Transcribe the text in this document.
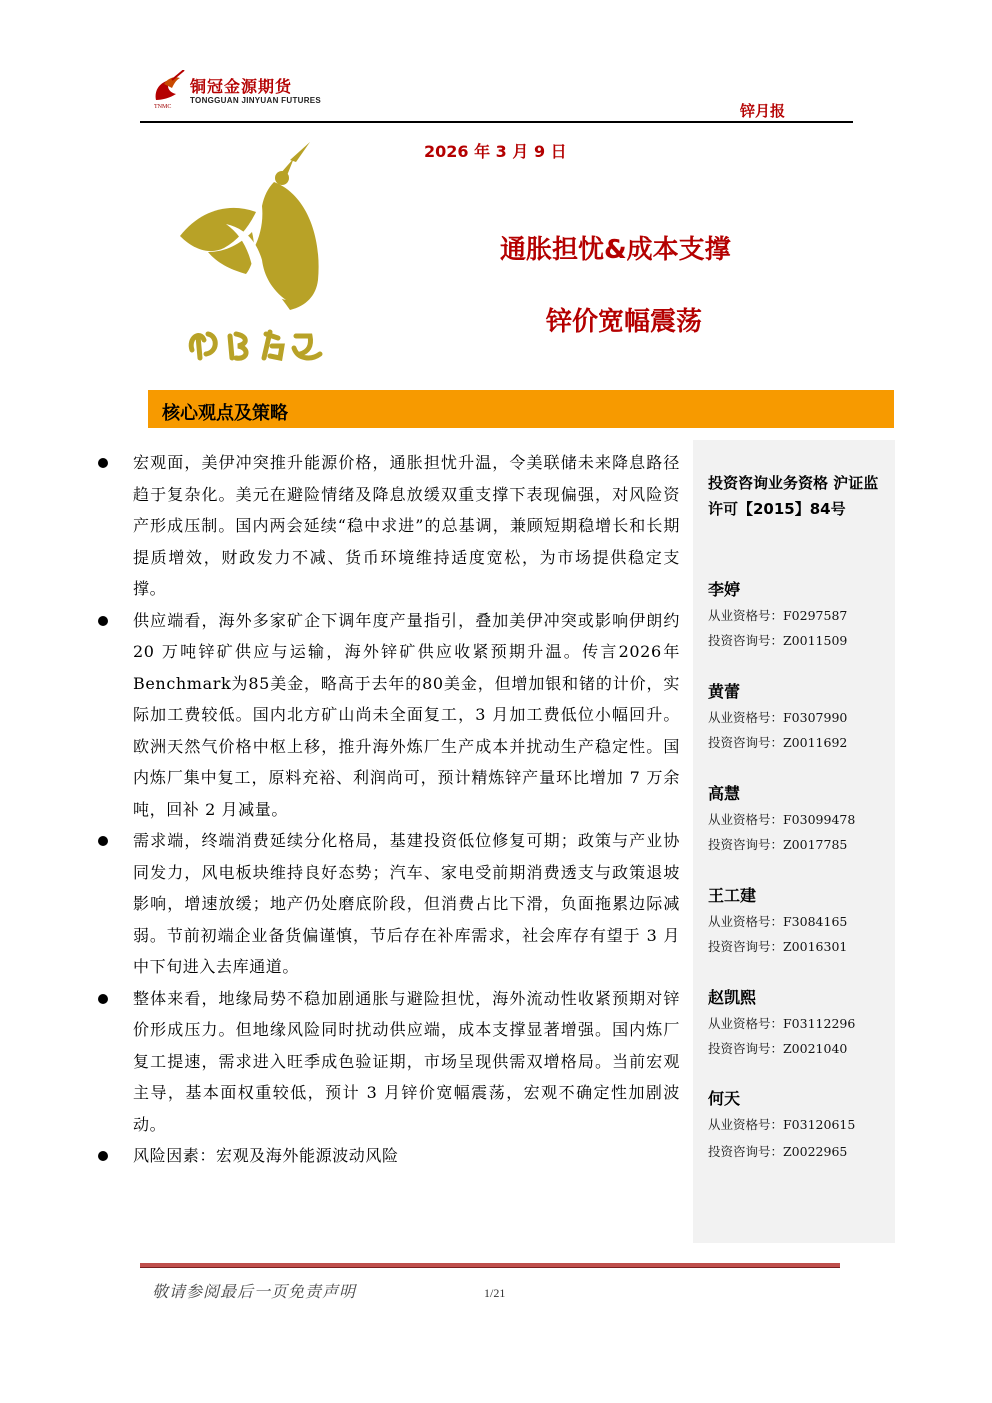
铜冠金源期货
TONGGUAN JINYUAN FUTURES
TNMC	锌月报
2026 年 3 月 9 日
通胀担忧&成本支撑
锌价宽幅震荡
核心观点及策略
宏观面，美伊冲突推升能源价格，通胀担忧升温，令美联储未来降息路径趋于复杂化。美元在避险情绪及降息放缓双重支撑下表现偏强，对风险资产形成压制。国内两会延续“稳中求进”的总基调，兼顾短期稳增长和长期提质增效，财政发力不减、货币环境维持适度宽松，为市场提供稳定支撑。
供应端看，海外多家矿企下调年度产量指引，叠加美伊冲突或影响伊朗约 20 万吨锌矿供应与运输，海外锌矿供应收紧预期升温。传言2026年Benchmark为85美金，略高于去年的80美金，但增加银和锗的计价，实际加工费较低。国内北方矿山尚未全面复工，3 月加工费低位小幅回升。欧洲天然气价格中枢上移，推升海外炼厂生产成本并扰动生产稳定性。国内炼厂集中复工，原料充裕、利润尚可，预计精炼锌产量环比增加 7 万余吨，回补 2 月减量。
需求端，终端消费延续分化格局，基建投资低位修复可期；政策与产业协同发力，风电板块维持良好态势；汽车、家电受前期消费透支与政策退坡影响，增速放缓；地产仍处磨底阶段，但消费占比下滑，负面拖累边际减弱。节前初端企业备货偏谨慎，节后存在补库需求，社会库存有望于 3 月中下旬进入去库通道。
整体来看，地缘局势不稳加剧通胀与避险担忧，海外流动性收紧预期对锌价形成压力。但地缘风险同时扰动供应端，成本支撑显著增强。国内炼厂复工提速，需求进入旺季成色验证期，市场呈现供需双增格局。当前宏观主导，基本面权重较低，预计 3 月锌价宽幅震荡，宏观不确定性加剧波动。
风险因素：宏观及海外能源波动风险

投资咨询业务资格 沪证监许可【2015】84号

李婷
从业资格号：F0297587
投资咨询号：Z0011509
黄蕾
从业资格号：F0307990
投资咨询号：Z0011692
高慧
从业资格号：F03099478
投资咨询号：Z0017785
王工建
从业资格号：F3084165
投资咨询号：Z0016301
赵凯熙
从业资格号：F03112296
投资咨询号：Z0021040
何天
从业资格号：F03120615
投资咨询号：Z0022965
敬请参阅最后一页免责声明	1/21
